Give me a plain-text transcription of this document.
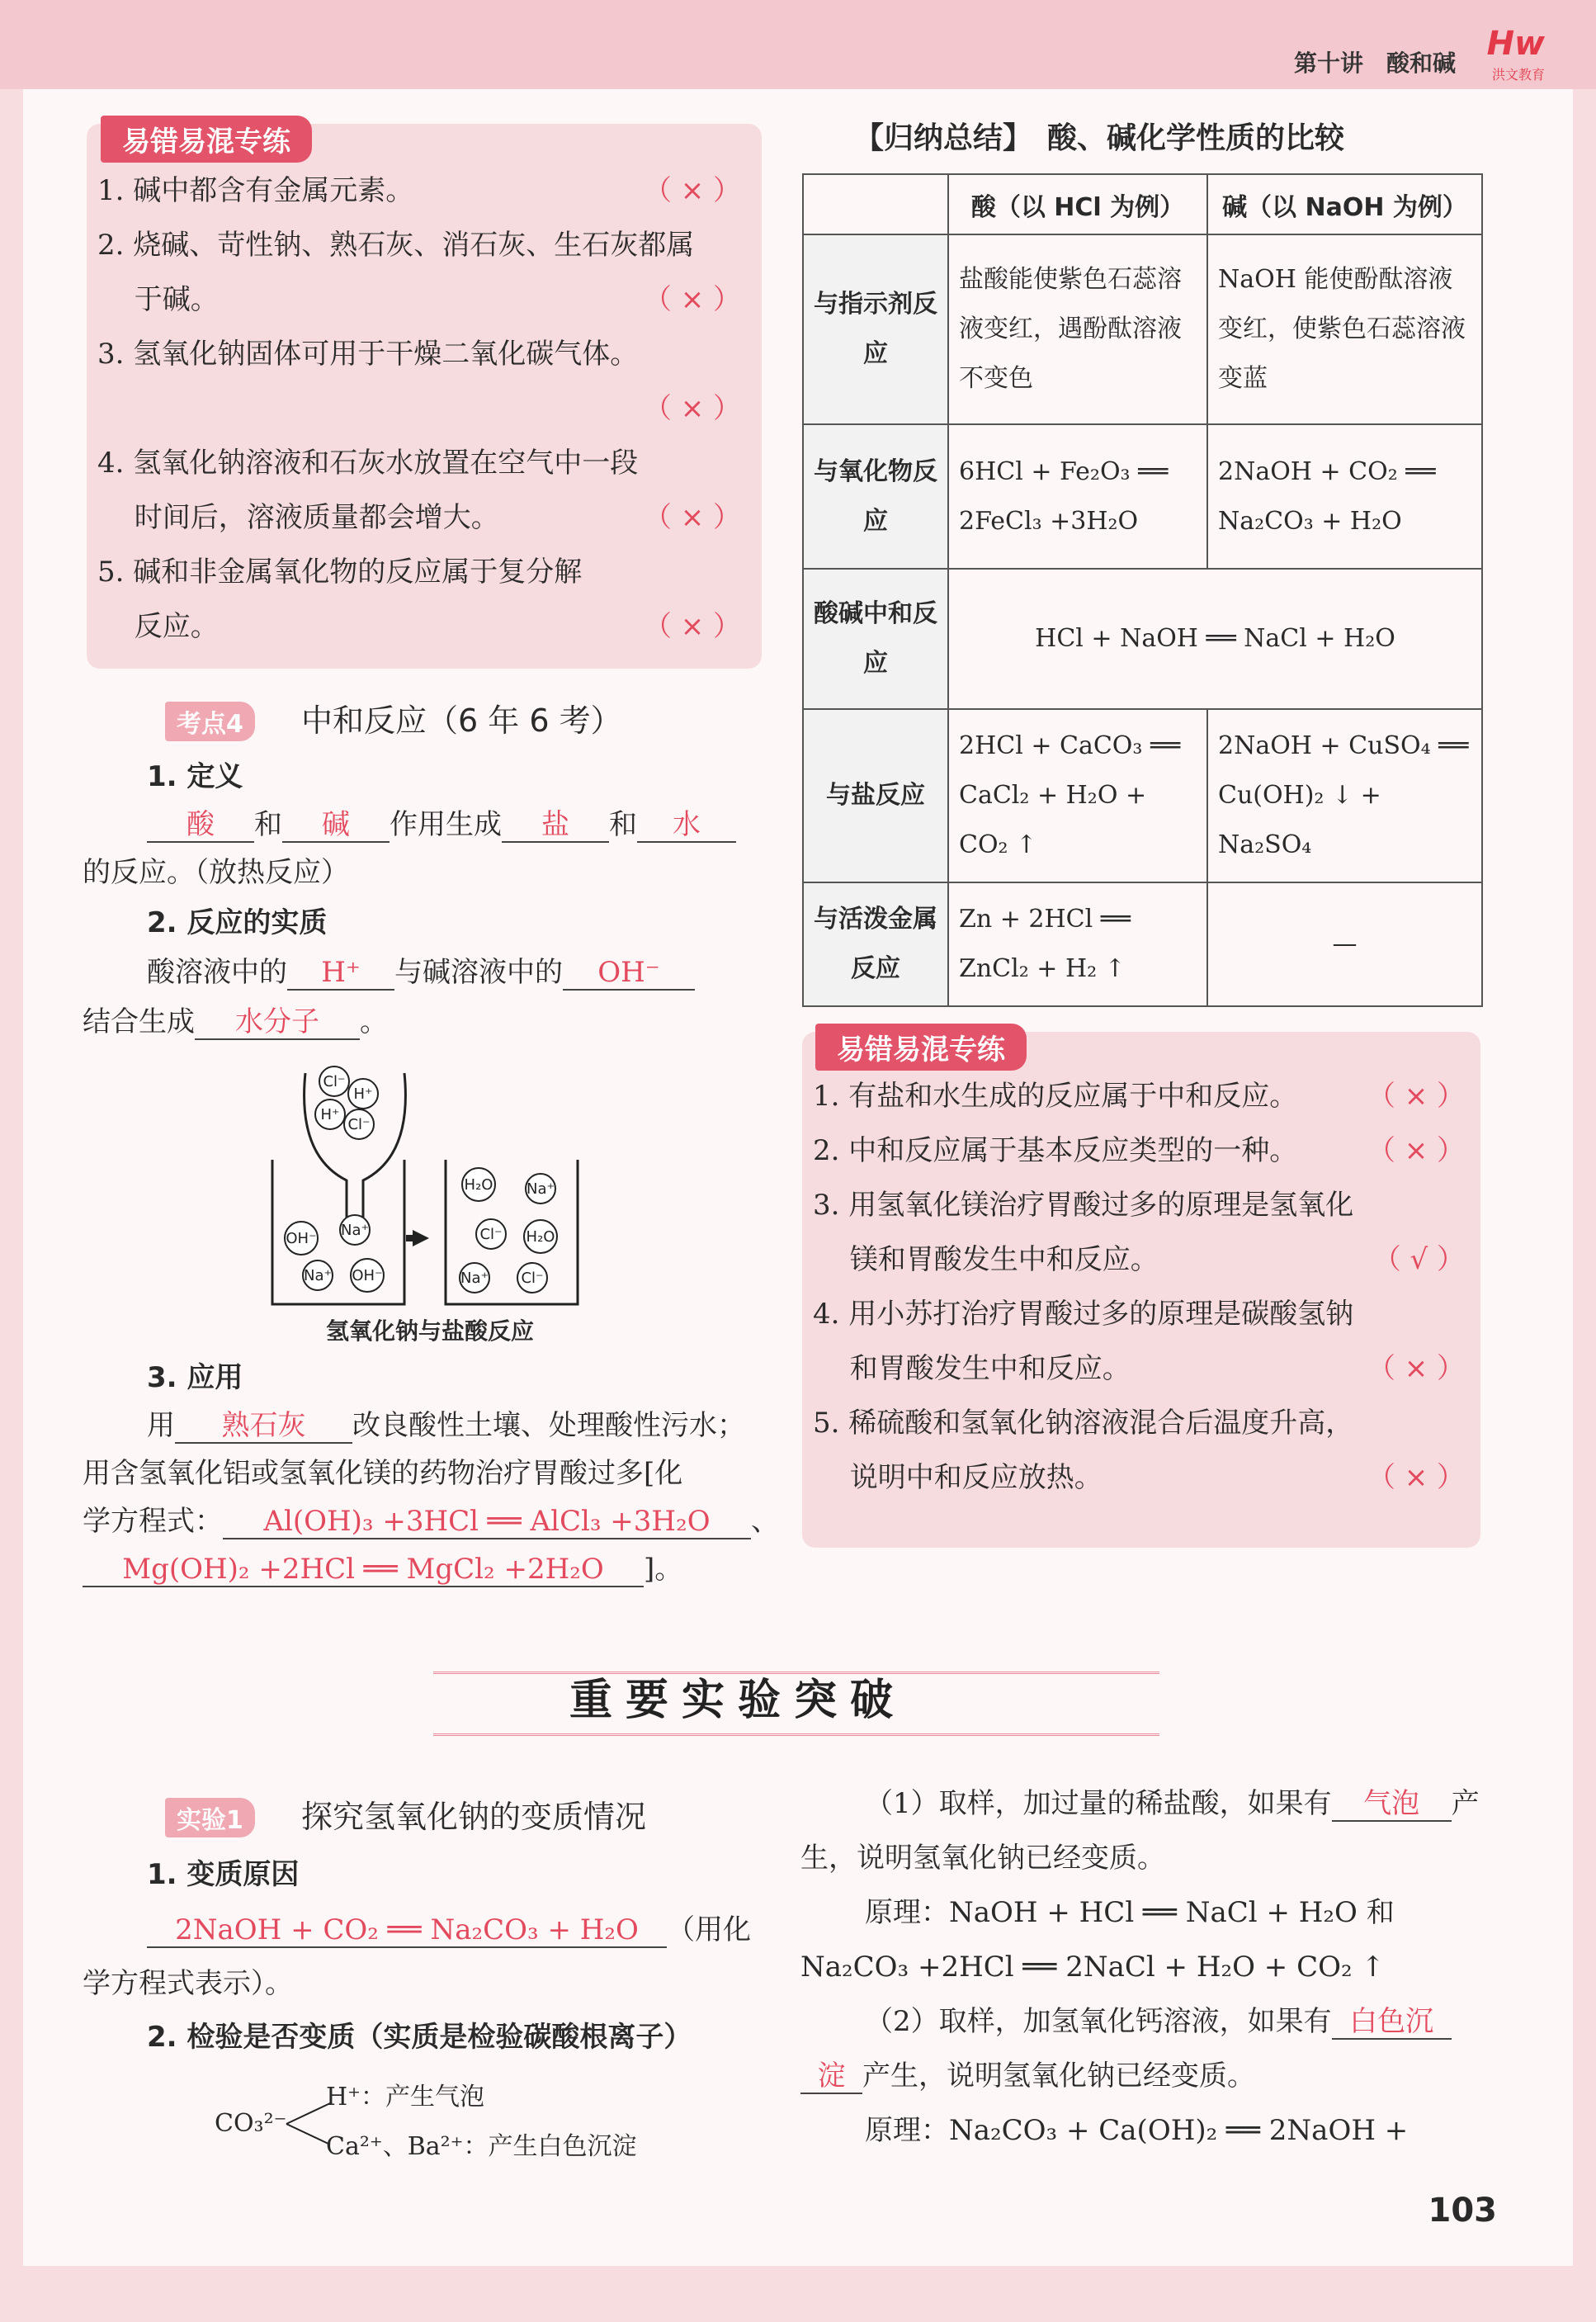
第十讲　酸和碱
Hw
洪文教育
易错易混专练
1. 碱中都含有金属元素。	（ × ）
2. 烧碱、苛性钠、熟石灰、消石灰、生石灰都属
　 于碱。	（ × ）
3. 氢氧化钠固体可用于干燥二氧化碳气体。
（ × ）
4. 氢氧化钠溶液和石灰水放置在空气中一段
　 时间后，溶液质量都会增大。	（ × ）
5. 碱和非金属氧化物的反应属于复分解
　 反应。	（ × ）
考点4	中和反应（6 年 6 考）
1. 定义
酸 和 碱 作用生成 盐 和 水
的反应。（放热反应）
2. 反应的实质
酸溶液中的 H⁺ 与碱溶液中的 OH⁻
结合生成 水分子 。
Cl⁻
H⁺
H⁺
Cl⁻
OH⁻ Na⁺
Na⁺ OH⁻
H₂O Na⁺
Cl⁻ H₂O
Na⁺ Cl⁻
氢氧化钠与盐酸反应
3. 应用
用 熟石灰 改良酸性土壤、处理酸性污水；
用含氢氧化铝或氢氧化镁的药物治疗胃酸过多[化
学方程式： Al(OH)₃ +3HCl ══ AlCl₃ +3H₂O 、
Mg(OH)₂ +2HCl ══ MgCl₂ +2H₂O ]。
【归纳总结】　酸、碱化学性质的比较
	酸（以 HCl 为例）	碱（以 NaOH 为例）
与指示剂反应	盐酸能使紫色石蕊溶液变红，遇酚酞溶液不变色	NaOH 能使酚酞溶液变红，使紫色石蕊溶液变蓝
与氧化物反应	6HCl + Fe₂O₃ ══ 2FeCl₃ +3H₂O	2NaOH + CO₂ ══ Na₂CO₃ + H₂O
酸碱中和反应	HCl + NaOH ══ NaCl + H₂O	
与盐反应	2HCl + CaCO₃ ══ CaCl₂ + H₂O + CO₂ ↑	2NaOH + CuSO₄ ══ Cu(OH)₂ ↓ + Na₂SO₄
与活泼金属反应	Zn + 2HCl ══ ZnCl₂ + H₂ ↑	—
易错易混专练
1. 有盐和水生成的反应属于中和反应。 （ × ）
2. 中和反应属于基本反应类型的一种。 （ × ）
3. 用氢氧化镁治疗胃酸过多的原理是氢氧化
　 镁和胃酸发生中和反应。	（ √ ）
4. 用小苏打治疗胃酸过多的原理是碳酸氢钠
　 和胃酸发生中和反应。	（ × ）
5. 稀硫酸和氢氧化钠溶液混合后温度升高，
　 说明中和反应放热。	（ × ）
重要实验突破
实验1	探究氢氧化钠的变质情况
1. 变质原因
2NaOH + CO₂ ══ Na₂CO₃ + H₂O （用化
学方程式表示）。
2. 检验是否变质（实质是检验碳酸根离子）
CO₃²⁻
H⁺：产生气泡
Ca²⁺、Ba²⁺：产生白色沉淀
（1）取样，加过量的稀盐酸，如果有 气泡 产
生，说明氢氧化钠已经变质。
原理：NaOH + HCl ══ NaCl + H₂O 和
Na₂CO₃ +2HCl ══ 2NaCl + H₂O + CO₂ ↑
（2）取样，加氢氧化钙溶液，如果有 白色沉
淀 产生，说明氢氧化钠已经变质。
原理：Na₂CO₃ + Ca(OH)₂ ══ 2NaOH +
103
